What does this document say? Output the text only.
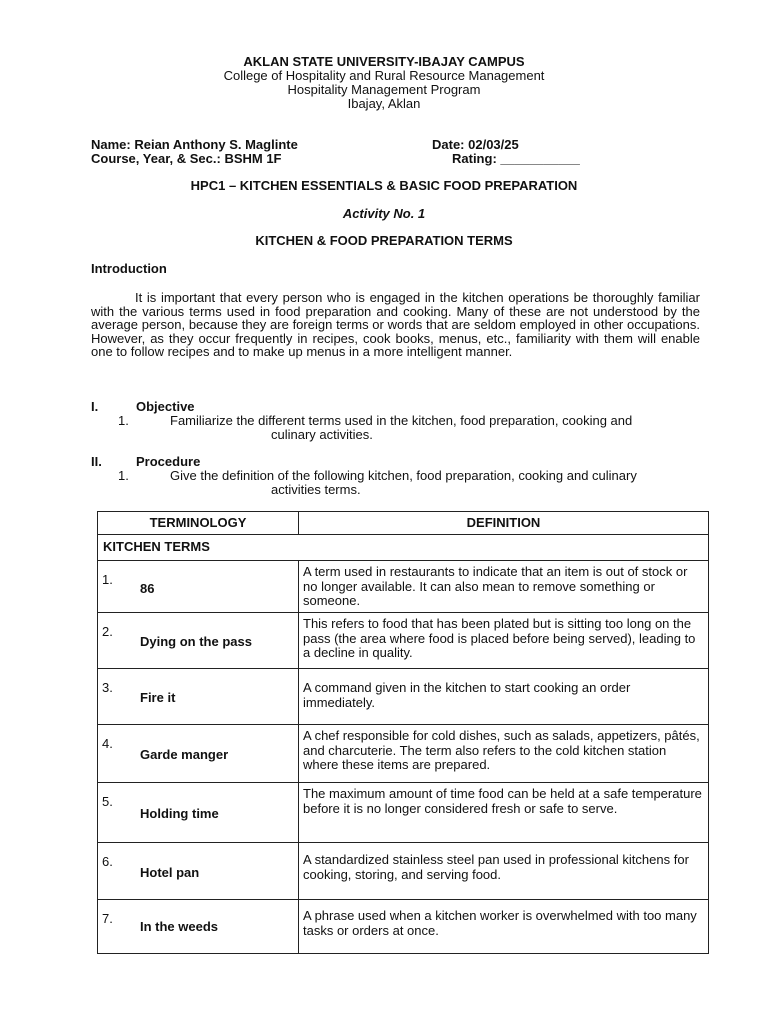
AKLAN STATE UNIVERSITY-IBAJAY CAMPUS
College of Hospitality and Rural Resource Management
Hospitality Management Program
Ibajay, Aklan
Name: Reian Anthony S. Maglinte	Date: 02/03/25
Course, Year, & Sec.: BSHM 1F	Rating: ___________
HPC1 – KITCHEN ESSENTIALS & BASIC FOOD PREPARATION
Activity No. 1
KITCHEN & FOOD PREPARATION TERMS
Introduction
It is important that every person who is engaged in the kitchen operations be thoroughly familiar with the various terms used in food preparation and cooking. Many of these are not understood by the average person, because they are foreign terms or words that are seldom employed in other occupations. However, as they occur frequently in recipes, cook books, menus, etc., familiarity with them will enable one to follow recipes and to make up menus in a more intelligent manner.
I.	Objective
1.	Familiarize the different terms used in the kitchen, food preparation, cooking and
culinary activities.
II.	Procedure
1.	Give the definition of the following kitchen, food preparation, cooking and culinary
activities terms.
TERMINOLOGY	DEFINITION
KITCHEN TERMS	

1.
86	A term used in restaurants to indicate that an item is out of stock or no longer available. It can also mean to remove something or someone.

2.
Dying on the pass	This refers to food that has been plated but is sitting too long on the pass (the area where food is placed before being served), leading to a decline in quality.

3.
Fire it	A command given in the kitchen to start cooking an order immediately.

4.
Garde manger	A chef responsible for cold dishes, such as salads, appetizers, pâtés, and charcuterie. The term also refers to the cold kitchen station where these items are prepared.

5.
Holding time	The maximum amount of time food can be held at a safe temperature before it is no longer considered fresh or safe to serve.

6.
Hotel pan	A standardized stainless steel pan used in professional kitchens for cooking, storing, and serving food.

7.
In the weeds	A phrase used when a kitchen worker is overwhelmed with too many tasks or orders at once.
